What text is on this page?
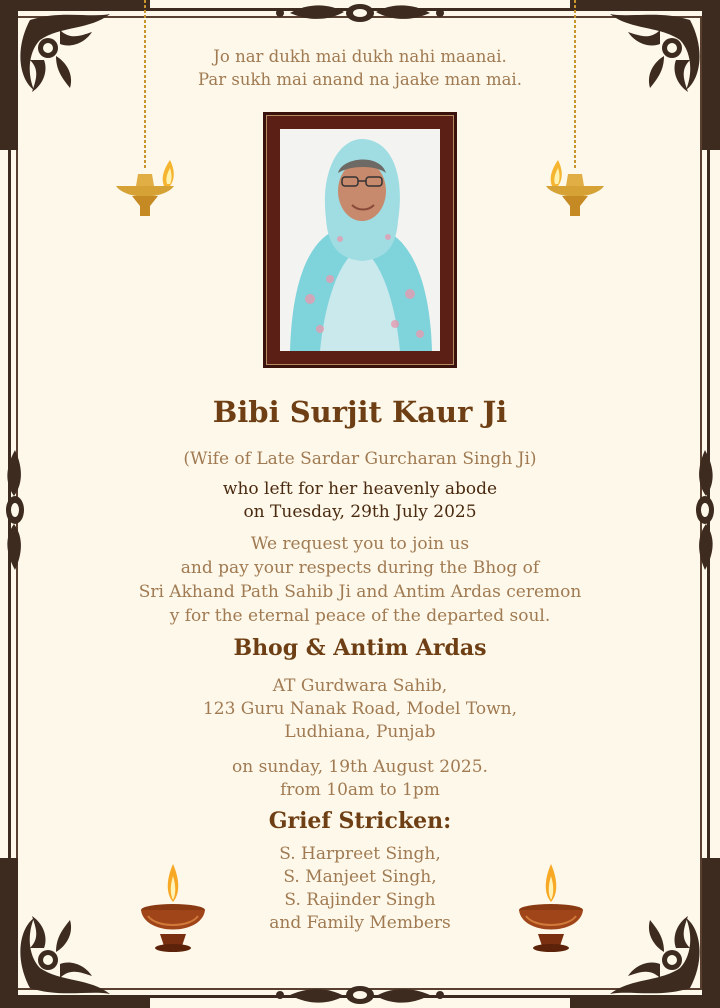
Jo nar dukh mai dukh nahi maanai.
Par sukh mai anand na jaake man mai.
Bibi Surjit Kaur Ji
(Wife of Late Sardar Gurcharan Singh Ji)
who left for her heavenly abode
on Tuesday, 29th July 2025
We request you to join us
and pay your respects during the Bhog of
Sri Akhand Path Sahib Ji and Antim Ardas ceremon
y for the eternal peace of the departed soul.
Bhog & Antim Ardas
AT Gurdwara Sahib,
123 Guru Nanak Road, Model Town,
Ludhiana, Punjab
on sunday, 19th August 2025.
from 10am to 1pm
Grief Stricken:
S. Harpreet Singh,
S. Manjeet Singh,
S. Rajinder Singh
and Family Members
